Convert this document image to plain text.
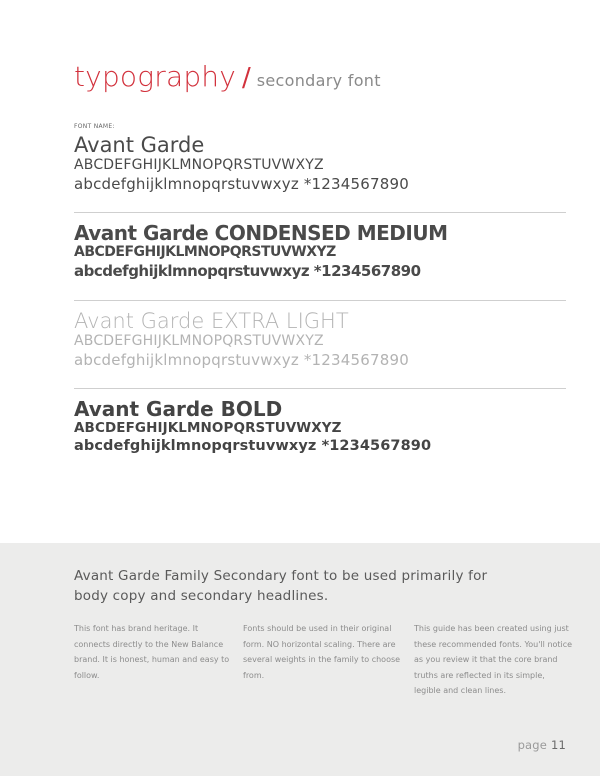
typography / secondary font
FONT NAME:
Avant Garde
ABCDEFGHIJKLMNOPQRSTUVWXYZ
abcdefghijklmnopqrstuvwxyz *1234567890
Avant Garde CONDENSED MEDIUM
ABCDEFGHIJKLMNOPQRSTUVWXYZ
abcdefghijklmnopqrstuvwxyz *1234567890
Avant Garde EXTRA LIGHT
ABCDEFGHIJKLMNOPQRSTUVWXYZ
abcdefghijklmnopqrstuvwxyz *1234567890
Avant Garde BOLD
ABCDEFGHIJKLMNOPQRSTUVWXYZ
abcdefghijklmnopqrstuvwxyz *1234567890
Avant Garde Family Secondary font to be used primarily for body copy and secondary headlines.
This font has brand heritage. It connects directly to the New Balance brand. It is honest, human and easy to follow.
Fonts should be used in their original form. NO horizontal scaling. There are several weights in the family to choose from.
This guide has been created using just these recommended fonts. You'll notice as you review it that the core brand truths are reflected in its simple, legible and clean lines.
page 11
